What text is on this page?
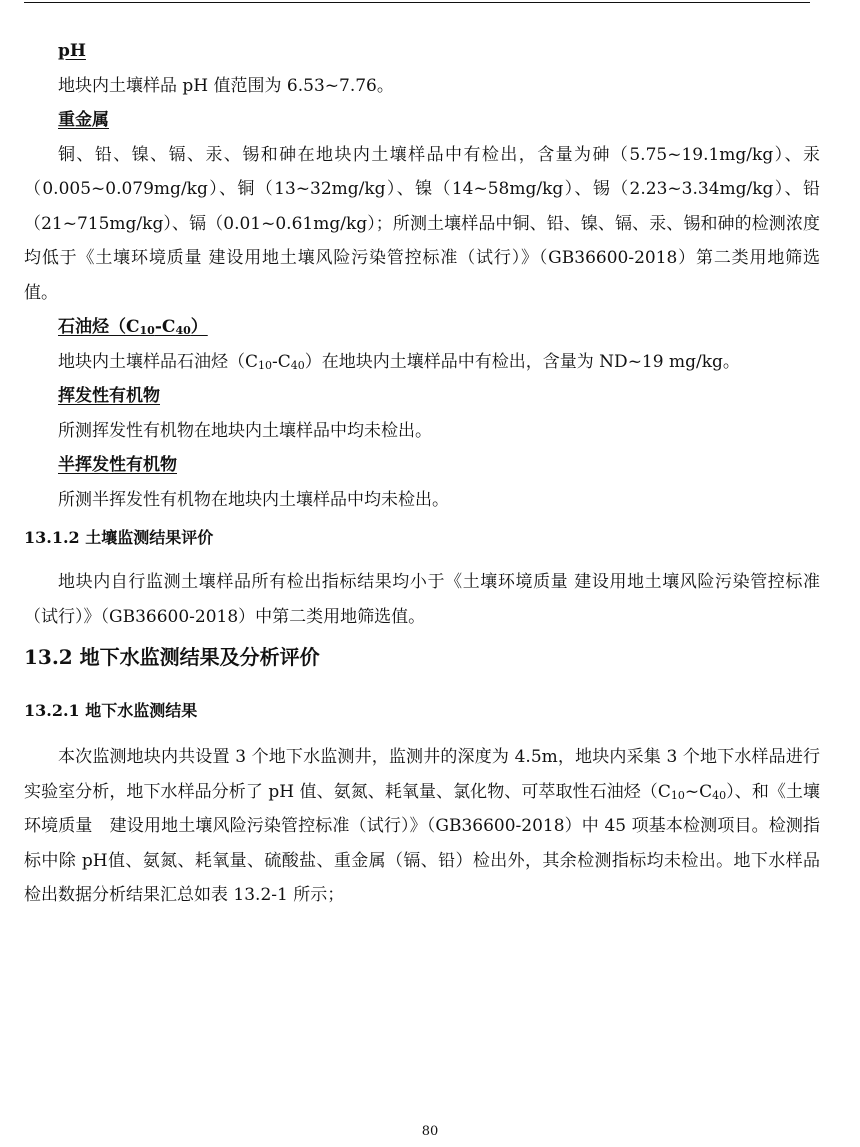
pH

地块内土壤样品 pH 值范围为 6.53~7.76。

重金属

铜、铅、镍、镉、汞、锡和砷在地块内土壤样品中有检出，含量为砷（5.75~19.1mg/kg）、汞（0.005~0.079mg/kg）、铜（13~32mg/kg）、镍（14~58mg/kg）、锡（2.23~3.34mg/kg）、铅（21~715mg/kg）、镉（0.01~0.61mg/kg）；所测土壤样品中铜、铅、镍、镉、汞、锡和砷的检测浓度均低于《土壤环境质量 建设用地土壤风险污染管控标准（试行）》（GB36600-2018）第二类用地筛选值。

石油烃$(C_{10}-C_{40})$

地块内土壤样品石油烃$(C_{10}-C_{40})$在地块内土壤样品中有检出，含量为 ND~19 mg/kg。

挥发性有机物

所测挥发性有机物在地块内土壤样品中均未检出。

半挥发性有机物

所测半挥发性有机物在地块内土壤样品中均未检出。

13.1.2 土壤监测结果评价

地块内自行监测土壤样品所有检出指标结果均小于《土壤环境质量 建设用地土壤风险污染管控标准（试行）》（GB36600-2018）中第二类用地筛选值。

13.2 地下水监测结果及分析评价

13.2.1 地下水监测结果

本次监测地块内共设置 3 个地下水监测井，监测井的深度为 4.5m，地块内采集 3 个地下水样品进行实验室分析，地下水样品分析了 pH 值、氨氮、耗氧量、氯化物、可萃取性石油烃$(C_{10}\sim C_{40})$、和《土壤环境质量　建设用地土壤风险污染管控标准（试行）》（GB36600-2018）中 45 项基本检测项目。检测指标中除 pH值、氨氮、耗氧量、硫酸盐、重金属（镉、铅）检出外，其余检测指标均未检出。地下水样品检出数据分析结果汇总如表 13.2-1 所示；

80
